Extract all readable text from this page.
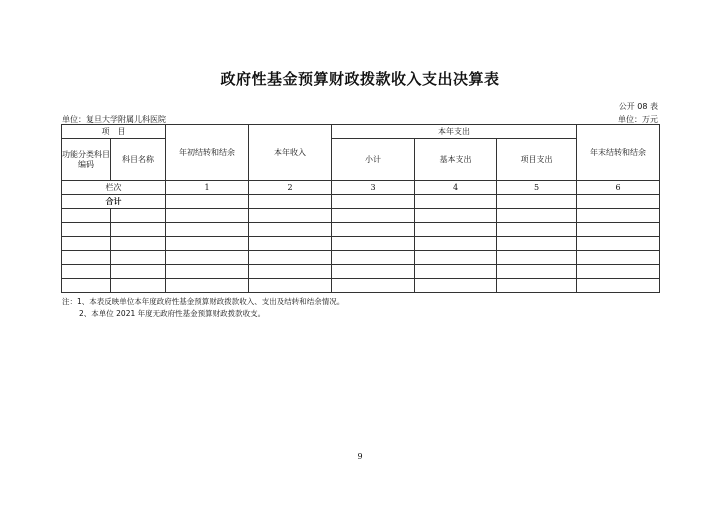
政府性基金预算财政拨款收入支出决算表
公开 08 表
单位：复旦大学附属儿科医院	单位：万元
项　目		年初结转和结余	本年收入	本年支出			年末结转和结余
功能分类科目编码	科目名称			小计	基本支出	项目支出	
栏次		1	2	3	4	5	6
合计							

注：1、本表反映单位本年度政府性基金预算财政拨款收入、支出及结转和结余情况。
2、本单位 2021 年度无政府性基金预算财政拨款收支。
9
